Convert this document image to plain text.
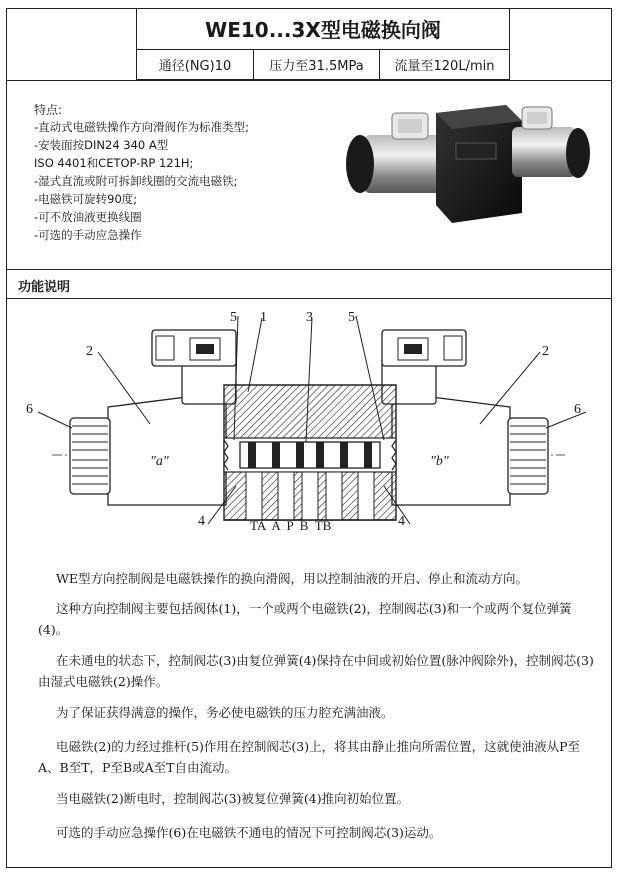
WE10...3X型电磁换向阀
通径(NG)10	压力至31.5MPa	流量至120L/min
特点:
-直动式电磁铁操作方向滑阀作为标准类型;
-安装面按DIN24 340 A型
ISO 4401和CETOP-RP 121H;
-湿式直流或附可拆卸线圈的交流电磁铁;
-电磁铁可旋转90度;
-可不放油液更换线圈
-可选的手动应急操作
功能说明
1
2	2
3
5	5
6	6
4	4
"a"	"b"
TA  A  P  B  TB
WE型方向控制阀是电磁铁操作的换向滑阀，用以控制油液的开启、停止和流动方向。
这种方向控制阀主要包括阀体(1)，一个或两个电磁铁(2)，控制阀芯(3)和一个或两个复位弹簧(4)。
在未通电的状态下，控制阀芯(3)由复位弹簧(4)保持在中间或初始位置(脉冲阀除外)，控制阀芯(3)由湿式电磁铁(2)操作。
为了保证获得满意的操作，务必使电磁铁的压力腔充满油液。
电磁铁(2)的力经过推杆(5)作用在控制阀芯(3)上，将其由静止推向所需位置，这就使油液从P至A、B至T，P至B或A至T自由流动。
当电磁铁(2)断电时，控制阀芯(3)被复位弹簧(4)推向初始位置。
可选的手动应急操作(6)在电磁铁不通电的情况下可控制阀芯(3)运动。
